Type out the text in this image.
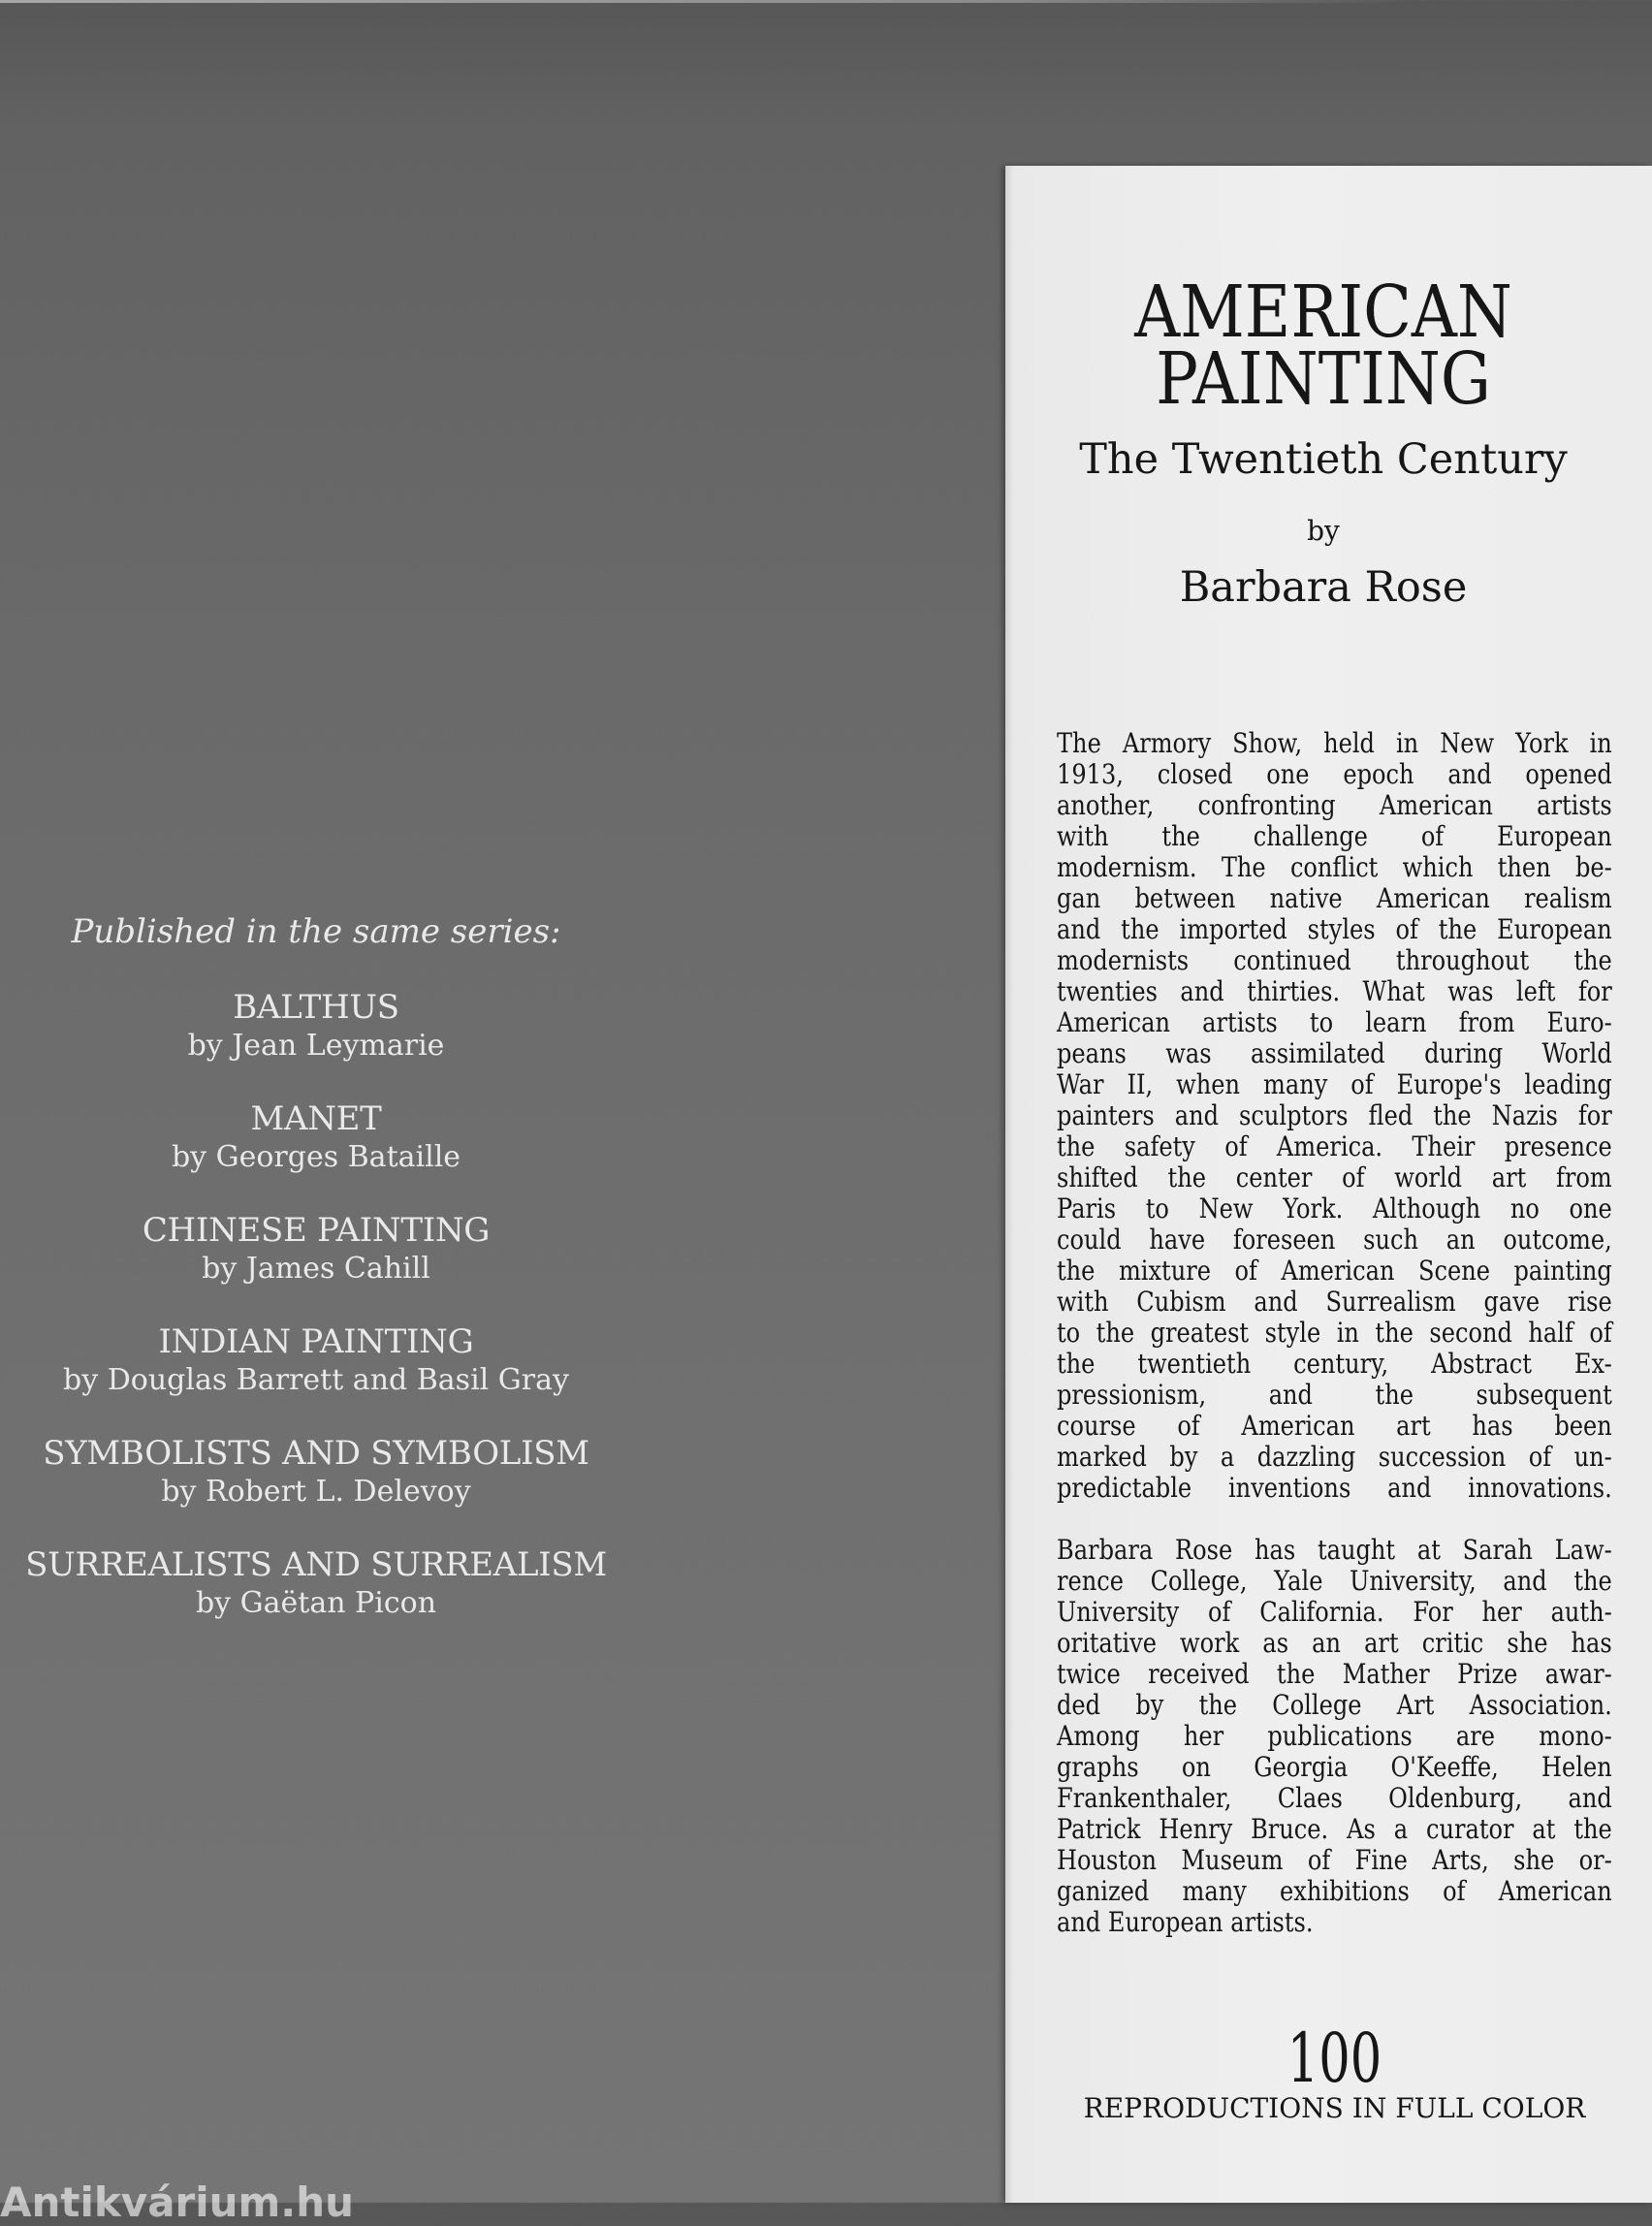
Published in the same series:
BALTHUS
by Jean Leymarie
MANET
by Georges Bataille
CHINESE PAINTING
by James Cahill
INDIAN PAINTING
by Douglas Barrett and Basil Gray
SYMBOLISTS AND SYMBOLISM
by Robert L. Delevoy
SURREALISTS AND SURREALISM
by Gaëtan Picon
AMERICAN
PAINTING
The Twentieth Century
by
Barbara Rose
The Armory Show, held in New York in
1913, closed one epoch and opened
another, confronting American artists
with the challenge of European
modernism. The conflict which then be-
gan between native American realism
and the imported styles of the European
modernists continued throughout the
twenties and thirties. What was left for
American artists to learn from Euro-
peans was assimilated during World
War II, when many of Europe's leading
painters and sculptors fled the Nazis for
the safety of America. Their presence
shifted the center of world art from
Paris to New York. Although no one
could have foreseen such an outcome,
the mixture of American Scene painting
with Cubism and Surrealism gave rise
to the greatest style in the second half of
the twentieth century, Abstract Ex-
pressionism, and the subsequent
course of American art has been
marked by a dazzling succession of un-
predictable inventions and innovations.
Barbara Rose has taught at Sarah Law-
rence College, Yale University, and the
University of California. For her auth-
oritative work as an art critic she has
twice received the Mather Prize awar-
ded by the College Art Association.
Among her publications are mono-
graphs on Georgia O'Keeffe, Helen
Frankenthaler, Claes Oldenburg, and
Patrick Henry Bruce. As a curator at the
Houston Museum of Fine Arts, she or-
ganized many exhibitions of American
and European artists.
100
REPRODUCTIONS IN FULL COLOR
Antikvárium.hu
